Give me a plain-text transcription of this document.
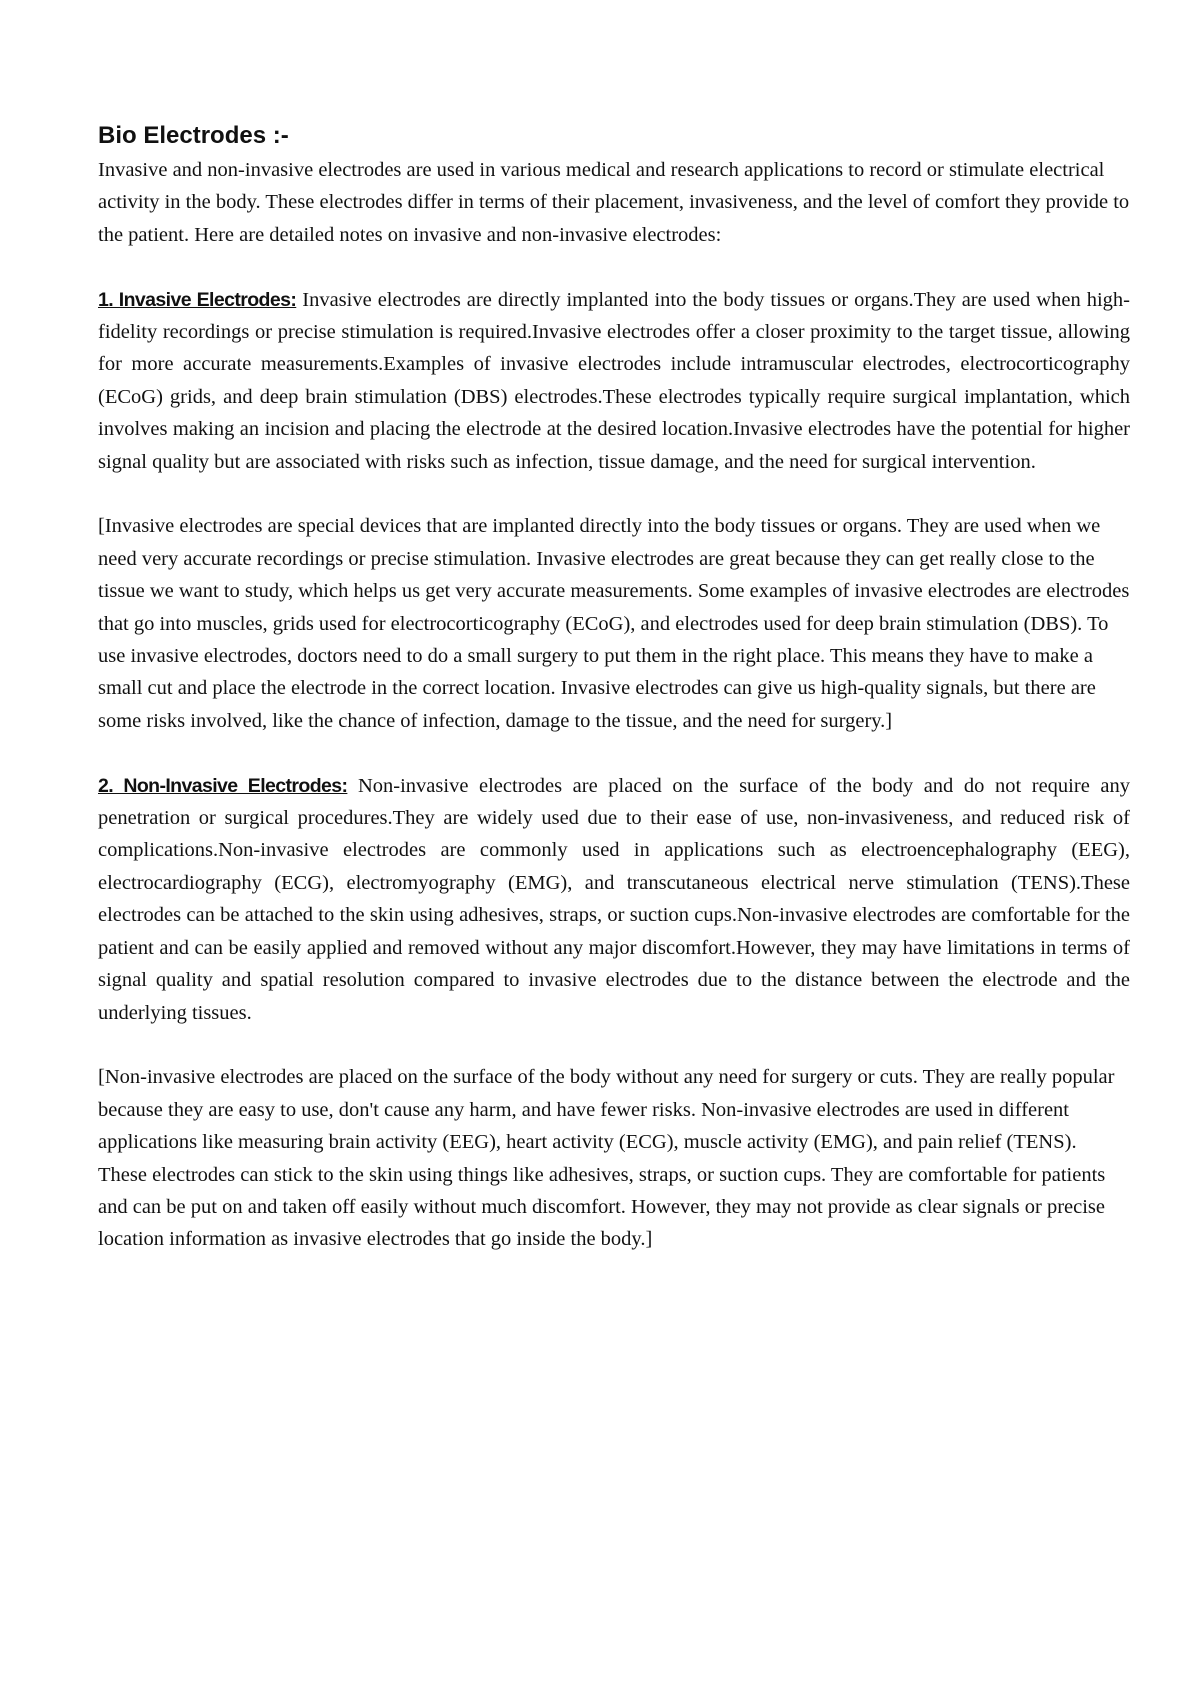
Bio Electrodes :-

Invasive and non-invasive electrodes are used in various medical and research applications to record or stimulate electrical activity in the body. These electrodes differ in terms of their placement, invasiveness, and the level of comfort they provide to the patient. Here are detailed notes on invasive and non-invasive electrodes:

1. Invasive Electrodes: Invasive electrodes are directly implanted into the body tissues or organs.They are used when high-fidelity recordings or precise stimulation is required.Invasive electrodes offer a closer proximity to the target tissue, allowing for more accurate measurements.Examples of invasive electrodes include intramuscular electrodes, electrocorticography (ECoG) grids, and deep brain stimulation (DBS) electrodes.These electrodes typically require surgical implantation, which involves making an incision and placing the electrode at the desired location.Invasive electrodes have the potential for higher signal quality but are associated with risks such as infection, tissue damage, and the need for surgical intervention.

[Invasive electrodes are special devices that are implanted directly into the body tissues or organs. They are used when we need very accurate recordings or precise stimulation. Invasive electrodes are great because they can get really close to the tissue we want to study, which helps us get very accurate measurements. Some examples of invasive electrodes are electrodes that go into muscles, grids used for electrocorticography (ECoG), and electrodes used for deep brain stimulation (DBS). To use invasive electrodes, doctors need to do a small surgery to put them in the right place. This means they have to make a small cut and place the electrode in the correct location. Invasive electrodes can give us high-quality signals, but there are some risks involved, like the chance of infection, damage to the tissue, and the need for surgery.]

2. Non-Invasive Electrodes: Non-invasive electrodes are placed on the surface of the body and do not require any penetration or surgical procedures.They are widely used due to their ease of use, non-invasiveness, and reduced risk of complications.Non-invasive electrodes are commonly used in applications such as electroencephalography (EEG), electrocardiography (ECG), electromyography (EMG), and transcutaneous electrical nerve stimulation (TENS).These electrodes can be attached to the skin using adhesives, straps, or suction cups.Non-invasive electrodes are comfortable for the patient and can be easily applied and removed without any major discomfort.However, they may have limitations in terms of signal quality and spatial resolution compared to invasive electrodes due to the distance between the electrode and the underlying tissues.

[Non-invasive electrodes are placed on the surface of the body without any need for surgery or cuts. They are really popular because they are easy to use, don't cause any harm, and have fewer risks. Non-invasive electrodes are used in different applications like measuring brain activity (EEG), heart activity (ECG), muscle activity (EMG), and pain relief (TENS). These electrodes can stick to the skin using things like adhesives, straps, or suction cups. They are comfortable for patients and can be put on and taken off easily without much discomfort. However, they may not provide as clear signals or precise location information as invasive electrodes that go inside the body.]
